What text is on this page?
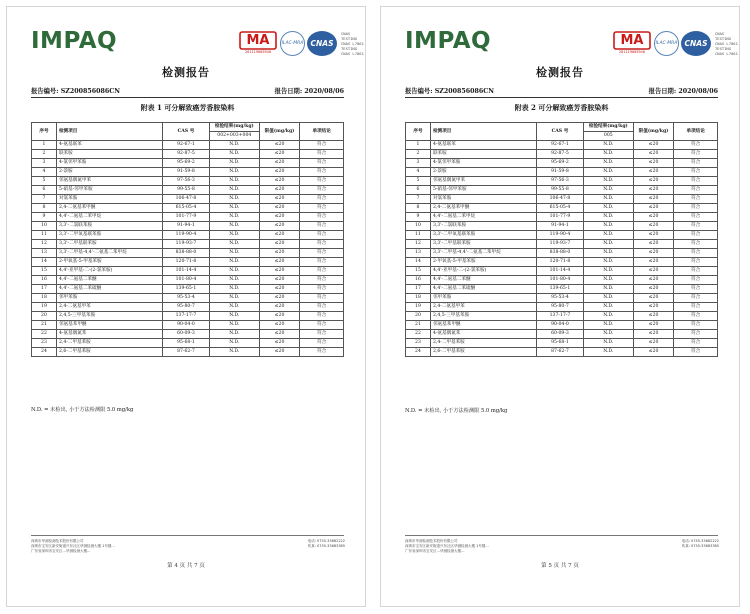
IMPAQ	MA
201119005940
ILAC-MRA CNAS
CNAS
TESTING
CNAS L7061
TESTING
CNAS L7061
检测报告
报告编号: SZ200856086CN	报告日期: 2020/08/06
附表 1 可分解致癌芳香胺染料
序号	检测项目	CAS 号	检验结果(mg/kg)	限值(mg/kg)	单项结论
			002+003+004		
1	4-氨基联苯	92-67-1	N.D.	≤20	符合
2	联苯胺	92-87-5	N.D.	≤20	符合
3	4-氯邻甲苯胺	95-69-2	N.D.	≤20	符合
4	2-萘胺	91-59-8	N.D.	≤20	符合
5	邻氨基偶氮甲苯	97-56-3	N.D.	≤20	符合
6	5-硝基-邻甲苯胺	99-55-8	N.D.	≤20	符合
7	对氯苯胺	106-47-8	N.D.	≤20	符合
8	2,4-二氨基苯甲醚	615-05-4	N.D.	≤20	符合
9	4,4'-二氨基二苯甲烷	101-77-9	N.D.	≤20	符合
10	3,3'-二氯联苯胺	91-94-1	N.D.	≤20	符合
11	3,3'-二甲氧基联苯胺	119-90-4	N.D.	≤20	符合
12	3,3'-二甲基联苯胺	119-93-7	N.D.	≤20	符合
13	3,3'-二甲基-4,4'-二氨基二苯甲烷	838-88-0	N.D.	≤20	符合
14	2-甲氧基-5-甲基苯胺	120-71-8	N.D.	≤20	符合
15	4,4'-亚甲基-二-(2-氯苯胺)	101-14-4	N.D.	≤20	符合
16	4,4'-二氨基二苯醚	101-80-4	N.D.	≤20	符合
17	4,4'-二氨基二苯硫醚	139-65-1	N.D.	≤20	符合
18	邻甲苯胺	95-53-4	N.D.	≤20	符合
19	2,4-二氨基甲苯	95-80-7	N.D.	≤20	符合
20	2,4,5-三甲基苯胺	137-17-7	N.D.	≤20	符合
21	邻氨基苯甲醚	90-04-0	N.D.	≤20	符合
22	4-氨基偶氮苯	60-09-3	N.D.	≤20	符合
23	2,4-二甲基苯胺	95-68-1	N.D.	≤20	符合
24	2,6-二甲基苯胺	87-62-7	N.D.	≤20	符合
N.D. = 未检出, 小于方法检测限 5.0 mg/kg
深圳市华测检测技术股份有限公司
深圳市宝安区新安街道兴东社区华测检测大楼 1号楼…
广东省深圳市宝安区…华测检测大楼…
电话: 0755-33682222
传真: 0755-33683385
第 4 页 共 7 页
IMPAQ	MA
201119005940
ILAC-MRA CNAS
CNAS
TESTING
CNAS L7061
TESTING
CNAS L7061
检测报告
报告编号: SZ200856086CN	报告日期: 2020/08/06
附表 2 可分解致癌芳香胺染料
序号	检测项目	CAS 号	检验结果(mg/kg)	限值(mg/kg)	单项结论
			005		
1	4-氨基联苯	92-67-1	N.D.	≤20	符合
2	联苯胺	92-87-5	N.D.	≤20	符合
3	4-氯邻甲苯胺	95-69-2	N.D.	≤20	符合
4	2-萘胺	91-59-8	N.D.	≤20	符合
5	邻氨基偶氮甲苯	97-56-3	N.D.	≤20	符合
6	5-硝基-邻甲苯胺	99-55-8	N.D.	≤20	符合
7	对氯苯胺	106-47-8	N.D.	≤20	符合
8	2,4-二氨基苯甲醚	615-05-4	N.D.	≤20	符合
9	4,4'-二氨基二苯甲烷	101-77-9	N.D.	≤20	符合
10	3,3'-二氯联苯胺	91-94-1	N.D.	≤20	符合
11	3,3'-二甲氧基联苯胺	119-90-4	N.D.	≤20	符合
12	3,3'-二甲基联苯胺	119-93-7	N.D.	≤20	符合
13	3,3'-二甲基-4,4'-二氨基二苯甲烷	838-88-0	N.D.	≤20	符合
14	2-甲氧基-5-甲基苯胺	120-71-8	N.D.	≤20	符合
15	4,4'-亚甲基-二-(2-氯苯胺)	101-14-4	N.D.	≤20	符合
16	4,4'-二氨基二苯醚	101-80-4	N.D.	≤20	符合
17	4,4'-二氨基二苯硫醚	139-65-1	N.D.	≤20	符合
18	邻甲苯胺	95-53-4	N.D.	≤20	符合
19	2,4-二氨基甲苯	95-80-7	N.D.	≤20	符合
20	2,4,5-三甲基苯胺	137-17-7	N.D.	≤20	符合
21	邻氨基苯甲醚	90-04-0	N.D.	≤20	符合
22	4-氨基偶氮苯	60-09-3	N.D.	≤20	符合
23	2,4-二甲基苯胺	95-68-1	N.D.	≤20	符合
24	2,6-二甲基苯胺	87-62-7	N.D.	≤20	符合
N.D. = 未检出, 小于方法检测限 5.0 mg/kg
深圳市华测检测技术股份有限公司
深圳市宝安区新安街道兴东社区华测检测大楼 1号楼…
广东省深圳市宝安区…华测检测大楼…
电话: 0755-33682222
传真: 0755-33683385
第 5 页 共 7 页
